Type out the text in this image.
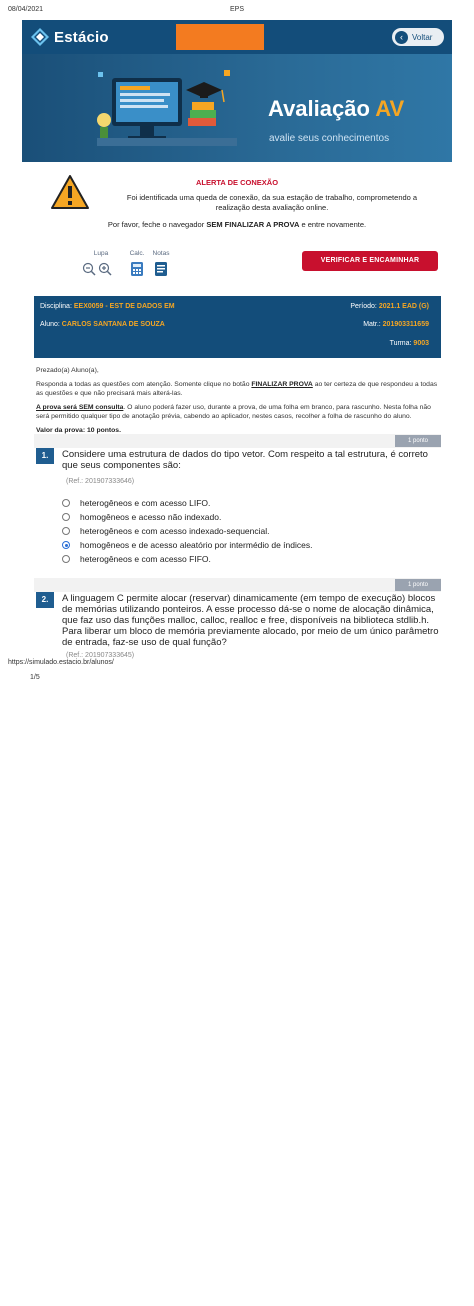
08/04/2021	EPS
Estácio	‹	Voltar
Avaliação AV
avalie seus conhecimentos
ALERTA DE CONEXÃO
Foi identificada uma queda de conexão, da sua estação de trabalho, comprometendo a realização desta avaliação online.
Por favor, feche o navegador SEM FINALIZAR A PROVA e entre novamente.
Lupa	Calc.	Notas
VERIFICAR E ENCAMINHAR
Disciplina: EEX0059 - EST DE DADOS EM	Período: 2021.1 EAD (G)
Aluno: CARLOS SANTANA DE SOUZA	Matr.: 201903311659
Turma: 9003

Prezado(a) Aluno(a),

Responda a todas as questões com atenção. Somente clique no botão FINALIZAR PROVA ao ter certeza de que respondeu a todas as questões e que não precisará mais alterá-las.

A prova será SEM consulta. O aluno poderá fazer uso, durante a prova, de uma folha em branco, para rascunho. Nesta folha não será permitido qualquer tipo de anotação prévia, cabendo ao aplicador, nestes casos, recolher a folha de rascunho do aluno.

Valor da prova: 10 pontos.

1 ponto
1.	Considere uma estrutura de dados do tipo vetor. Com respeito a tal estrutura, é correto que seus componentes são:
(Ref.: 201907333646)
heterogêneos e com acesso LIFO.
homogêneos e acesso não indexado.
heterogêneos e com acesso indexado-sequencial.
homogêneos e de acesso aleatório por intermédio de índices.
heterogêneos e com acesso FIFO.
1 ponto
2.	A linguagem C permite alocar (reservar) dinamicamente (em tempo de execução) blocos de memórias utilizando ponteiros. A esse processo dá-se o nome de alocação dinâmica, que faz uso das funções malloc, calloc, realloc e free, disponíveis na biblioteca stdlib.h. Para liberar um bloco de memória previamente alocado, por meio de um único parâmetro de entrada, faz-se uso de qual função?
(Ref.: 201907333645)
https://simulado.estacio.br/alunos/
1/5
